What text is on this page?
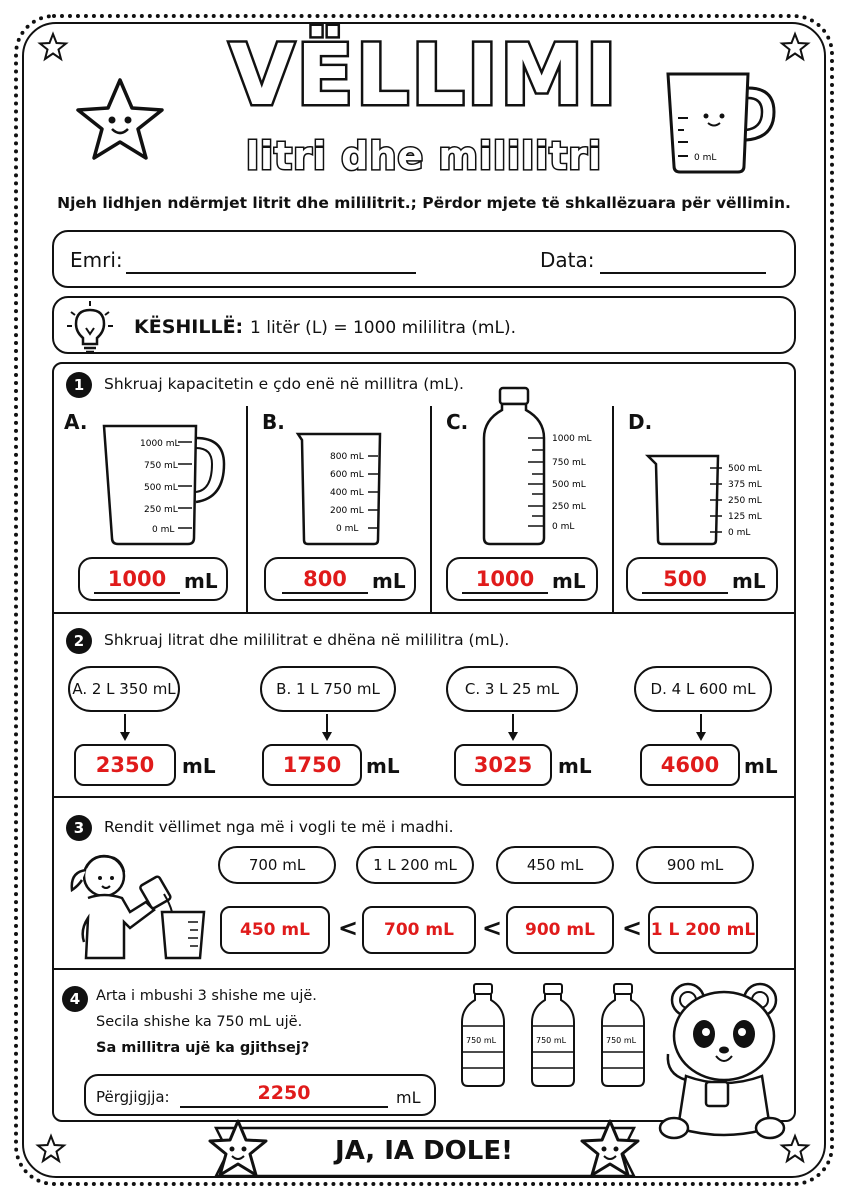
0 mL
VËLLIMI
litri dhe mililitri
Njeh lidhjen ndërmjet litrit dhe mililitrit.; Përdor mjete të shkallëzuara për vëllimin.
Emri:	Data:
KËSHILLË: 1 litër (L) = 1000 mililitra (mL).
1	Shkruaj kapacitetin e çdo enë në millitra (mL).
A.	B.	C.	D.
1000 mL
750 mL
500 mL
250 mL
0 mL
800 mL
600 mL
400 mL
200 mL
0 mL
1000 mL
750 mL
500 mL
250 mL
0 mL
500 mL
375 mL
250 mL
125 mL
0 mL
1000 mL	800	mL	1000 mL	500	mL
2	Shkruaj litrat dhe mililitrat e dhëna në mililitra (mL).
A. 2 L 350 mL	B. 1 L 750 mL	C. 3 L 25 mL	D. 4 L 600 mL
2350	mL	1750	mL	3025	mL	4600	mL
3	Rendit vëllimet nga më i vogli te më i madhi.
700 mL	1 L 200 mL	450 mL	900 mL
450 mL	<	700 mL	<	900 mL	< 1 L 200 mL
4	Arta i mbushi 3 shishe me ujë.
Secila shishe ka 750 mL ujë.
Sa millitra ujë ka gjithsej?	750 mL	750 mL	750 mL
Përgjigjja:	2250	mL
JA, IA DOLE!
